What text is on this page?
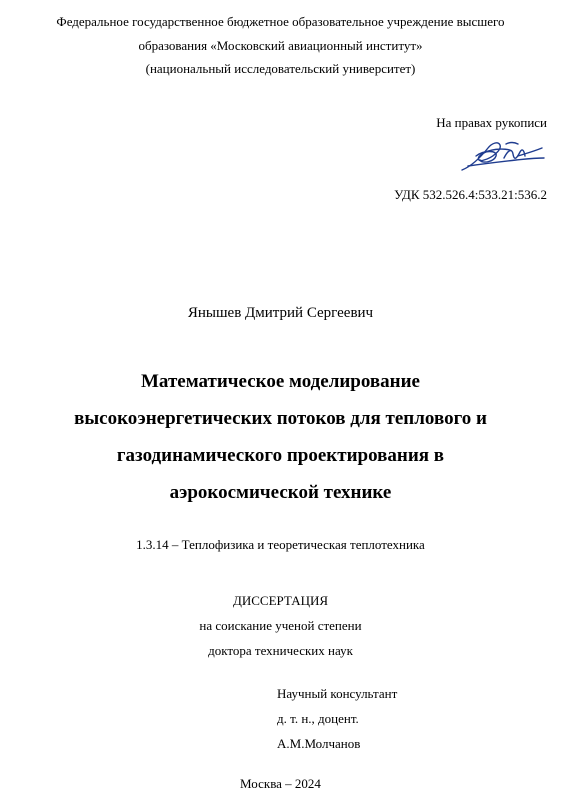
Федеральное государственное бюджетное образовательное учреждение высшего
образования «Московский авиационный институт»
(национальный исследовательский университет)
На правах рукописи
УДК 532.526.4:533.21:536.2
Янышев Дмитрий Сергеевич
Математическое моделирование
высокоэнергетических потоков для теплового и
газодинамического проектирования в
аэрокосмической технике
1.3.14 – Теплофизика и теоретическая теплотехника
ДИССЕРТАЦИЯ
на соискание ученой степени
доктора технических наук
Научный консультант
д. т. н., доцент.
А.М.Молчанов
Москва – 2024
